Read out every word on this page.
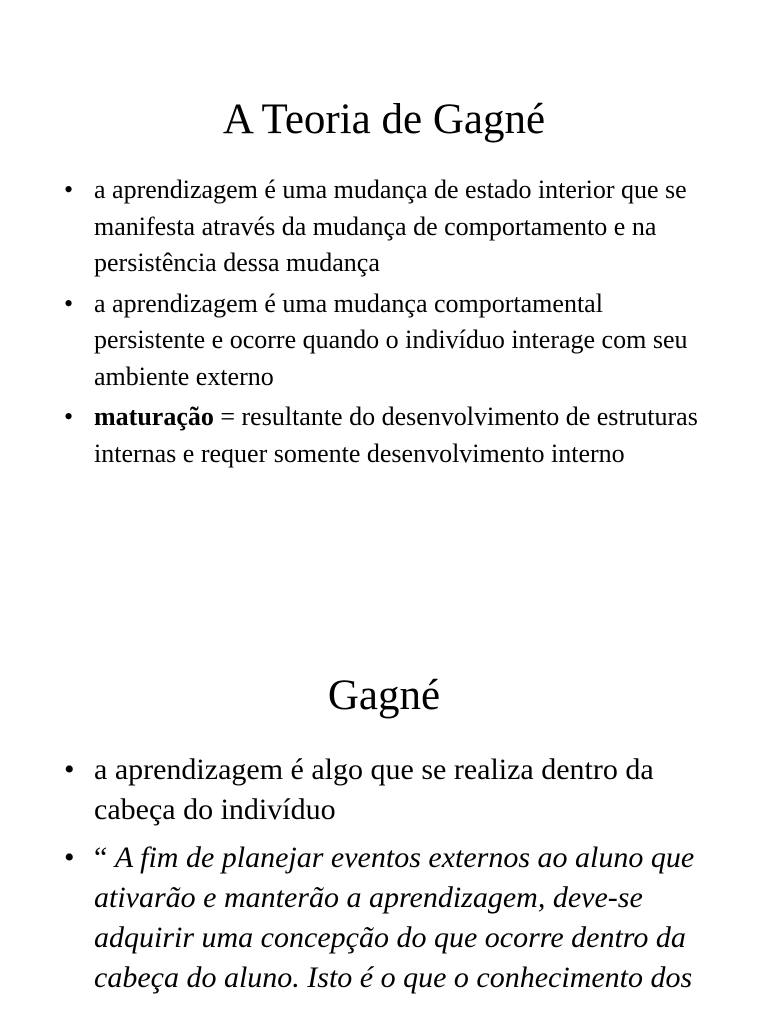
A Teoria de Gagné
• a aprendizagem é uma mudança de estado interior que se manifesta através da mudança de comportamento e na persistência dessa mudança
• a aprendizagem é uma mudança comportamental persistente e ocorre quando o indivíduo interage com seu ambiente externo
• maturação = resultante do desenvolvimento de estruturas internas e requer somente desenvolvimento interno
Gagné
• a aprendizagem é algo que se realiza dentro da cabeça do indivíduo
• “ A fim de planejar eventos externos ao aluno que ativarão e manterão a aprendizagem, deve-se adquirir uma concepção do que ocorre dentro da cabeça do aluno. Isto é o que o conhecimento dos
